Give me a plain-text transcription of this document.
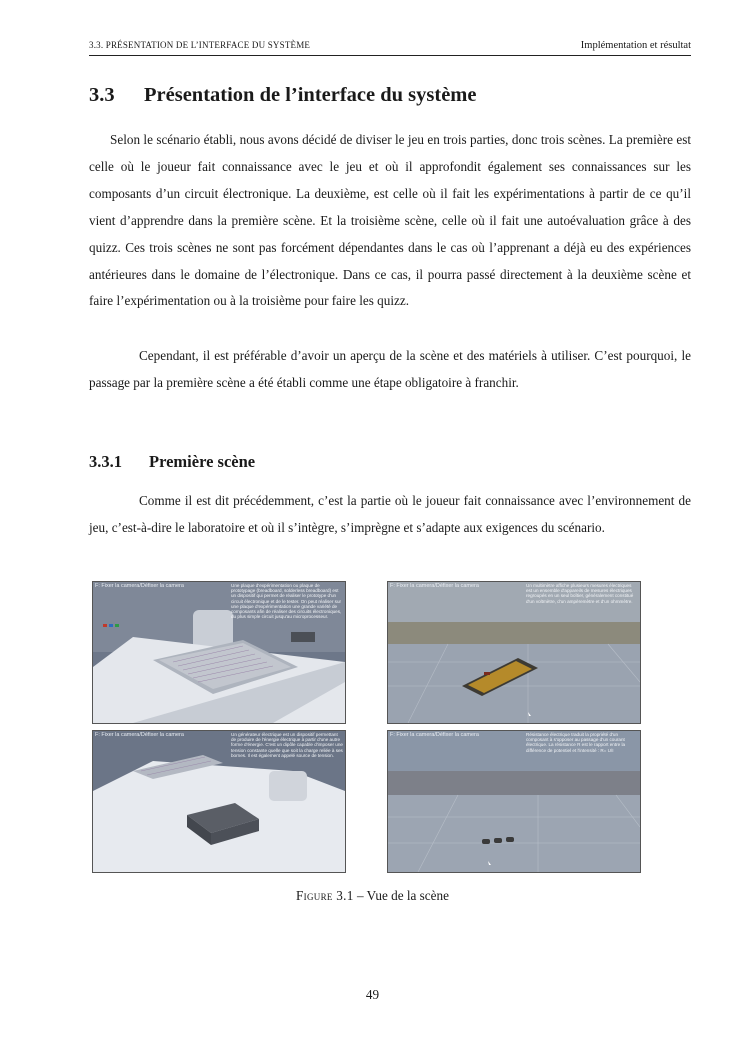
3.3. PRÉSENTATION DE L’INTERFACE DU SYSTÈME	Implémentation et résultat
3.3 Présentation de l’interface du système

Selon le scénario établi, nous avons décidé de diviser le jeu en trois parties, donc trois scènes. La première est celle où le joueur fait connaissance avec le jeu et où il approfondit également ses connaissances sur les composants d’un circuit électronique. La deuxième, est celle où il fait les expérimentations à partir de ce qu’il vient d’apprendre dans la première scène. Et la troisième scène, celle où il fait une autoévaluation grâce à des quizz. Ces trois scènes ne sont pas forcément dépendantes dans le cas où l’apprenant a déjà eu des expériences antérieures dans le domaine de l’électronique. Dans ce cas, il pourra passé directement à la deuxième scène et faire l’expérimentation ou à la troisième pour faire les quizz.

Cependant, il est préférable d’avoir un aperçu de la scène et des matériels à utiliser. C’est pourquoi, le passage par la première scène a été établi comme une étape obligatoire à franchir.

3.3.1 Première scène

Comme il est dit précédemment, c’est la partie où le joueur fait connaissance avec l’environnement de jeu, c’est-à-dire le laboratoire et où il s’intègre, s’imprègne et s’adapte aux exigences du scénario.

F: Fixer la camera/Défixer la camera	Une plaque d'expérimentation ou plaque de prototypage (breadboard, solderless breadboard) est un dispositif qui permet de réaliser le prototype d'un circuit électronique et de le tester. On peut réaliser sur une plaque d'expérimentation une grande variété de composants afin de réaliser des circuits électroniques, du plus simple circuit jusqu'au microprocesseur.
F: Fixer la camera/Défixer la camera	Un multimètre affiche plusieurs mesures électriques est un ensemble d'appareils de mesures électriques regroupés en un seul boîtier, généralement constitué d'un voltmètre, d'un ampèremètre et d'un ohmmètre.
F: Fixer la camera/Défixer la camera	Un générateur électrique est un dispositif permettant de produire de l'énergie électrique à partir d'une autre forme d'énergie. C'est un dipôle capable d'imposer une tension constante quelle que soit la charge reliée à ses bornes. Il est également appelé source de tension.
F: Fixer la camera/Défixer la camera	Résistance électrique traduit la propriété d'un composant à s'opposer au passage d'un courant électrique. La résistance R est le rapport entre la différence de potentiel et l'intensité : R= U/I
Figure 3.1 – Vue de la scène
49
